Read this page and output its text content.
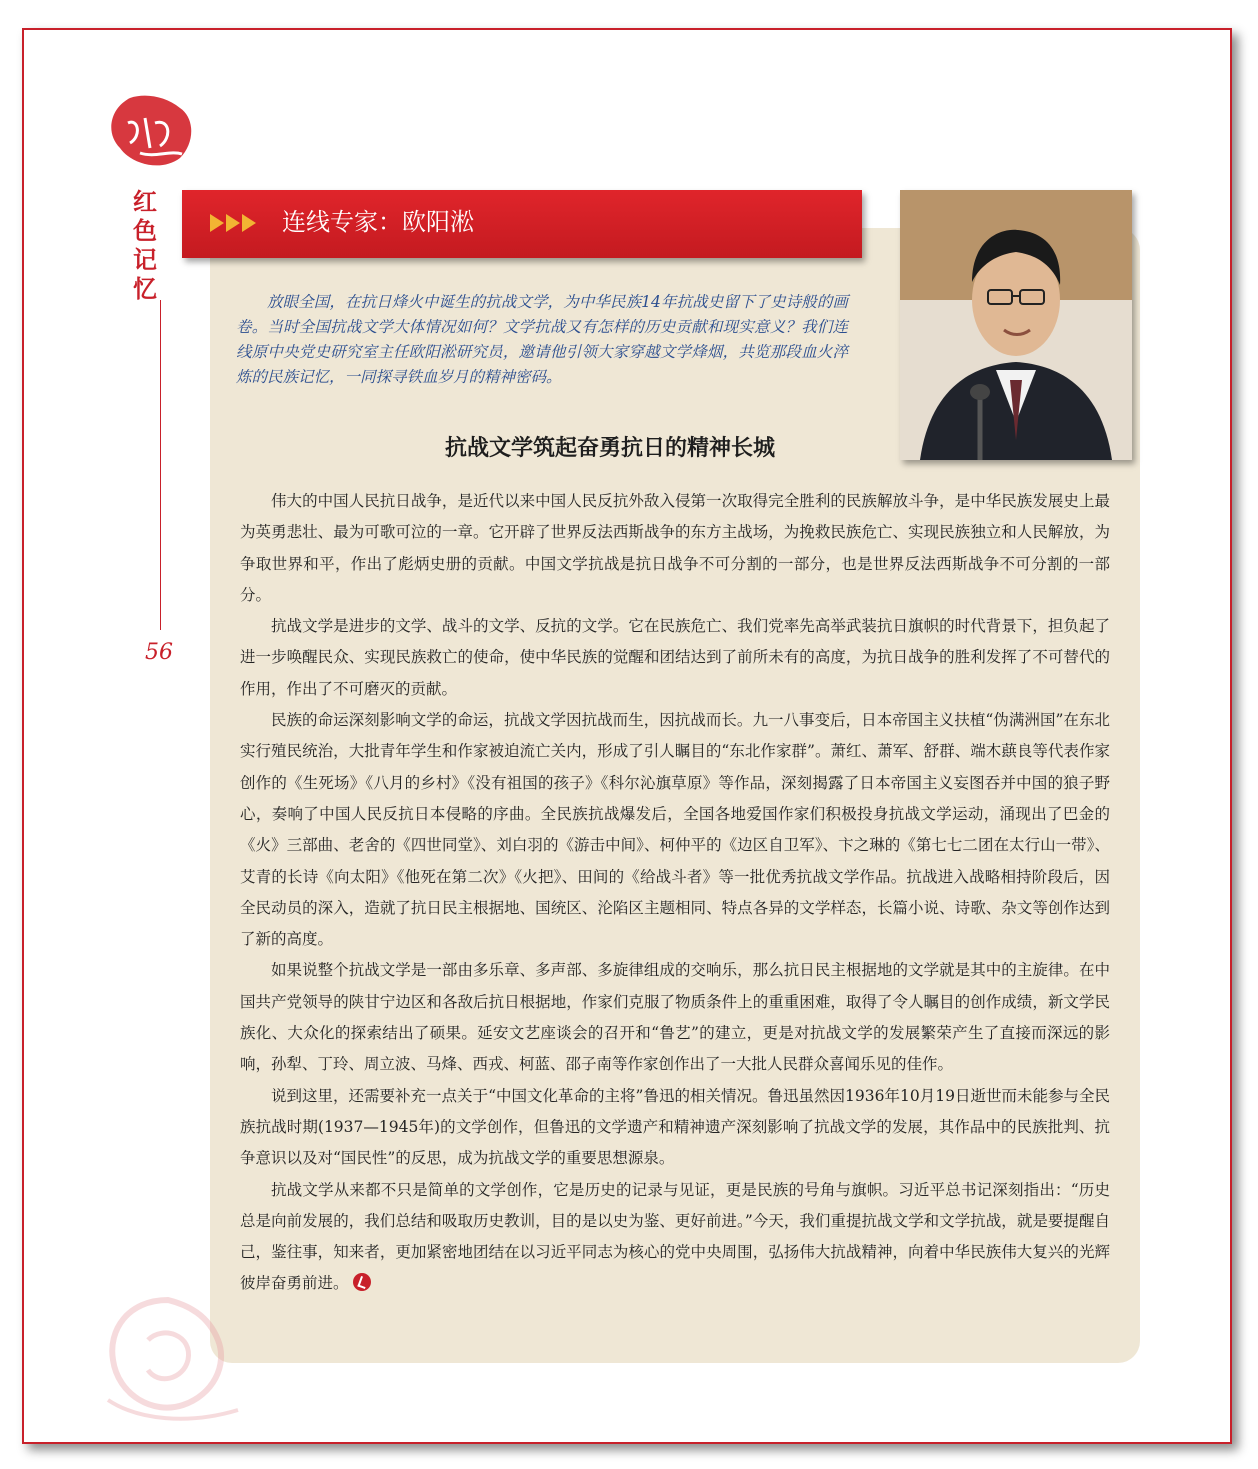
红色记忆
56
连线专家：欧阳淞

放眼全国，在抗日烽火中诞生的抗战文学，为中华民族14年抗战史留下了史诗般的画卷。当时全国抗战文学大体情况如何？文学抗战又有怎样的历史贡献和现实意义？我们连线原中央党史研究室主任欧阳淞研究员，邀请他引领大家穿越文学烽烟，共览那段血火淬炼的民族记忆，一同探寻铁血岁月的精神密码。

抗战文学筑起奋勇抗日的精神长城

伟大的中国人民抗日战争，是近代以来中国人民反抗外敌入侵第一次取得完全胜利的民族解放斗争，是中华民族发展史上最为英勇悲壮、最为可歌可泣的一章。它开辟了世界反法西斯战争的东方主战场，为挽救民族危亡、实现民族独立和人民解放，为争取世界和平，作出了彪炳史册的贡献。中国文学抗战是抗日战争不可分割的一部分，也是世界反法西斯战争不可分割的一部分。

抗战文学是进步的文学、战斗的文学、反抗的文学。它在民族危亡、我们党率先高举武装抗日旗帜的时代背景下，担负起了进一步唤醒民众、实现民族救亡的使命，使中华民族的觉醒和团结达到了前所未有的高度，为抗日战争的胜利发挥了不可替代的作用，作出了不可磨灭的贡献。

民族的命运深刻影响文学的命运，抗战文学因抗战而生，因抗战而长。九一八事变后，日本帝国主义扶植“伪满洲国”在东北实行殖民统治，大批青年学生和作家被迫流亡关内，形成了引人瞩目的“东北作家群”。萧红、萧军、舒群、端木蕻良等代表作家创作的《生死场》《八月的乡村》《没有祖国的孩子》《科尔沁旗草原》等作品，深刻揭露了日本帝国主义妄图吞并中国的狼子野心，奏响了中国人民反抗日本侵略的序曲。全民族抗战爆发后，全国各地爱国作家们积极投身抗战文学运动，涌现出了巴金的《火》三部曲、老舍的《四世同堂》、刘白羽的《游击中间》、柯仲平的《边区自卫军》、卞之琳的《第七七二团在太行山一带》、艾青的长诗《向太阳》《他死在第二次》《火把》、田间的《给战斗者》等一批优秀抗战文学作品。抗战进入战略相持阶段后，因全民动员的深入，造就了抗日民主根据地、国统区、沦陷区主题相同、特点各异的文学样态，长篇小说、诗歌、杂文等创作达到了新的高度。

如果说整个抗战文学是一部由多乐章、多声部、多旋律组成的交响乐，那么抗日民主根据地的文学就是其中的主旋律。在中国共产党领导的陕甘宁边区和各敌后抗日根据地，作家们克服了物质条件上的重重困难，取得了令人瞩目的创作成绩，新文学民族化、大众化的探索结出了硕果。延安文艺座谈会的召开和“鲁艺”的建立，更是对抗战文学的发展繁荣产生了直接而深远的影响，孙犁、丁玲、周立波、马烽、西戎、柯蓝、邵子南等作家创作出了一大批人民群众喜闻乐见的佳作。

说到这里，还需要补充一点关于“中国文化革命的主将”鲁迅的相关情况。鲁迅虽然因1936年10月19日逝世而未能参与全民族抗战时期(1937—1945年)的文学创作，但鲁迅的文学遗产和精神遗产深刻影响了抗战文学的发展，其作品中的民族批判、抗争意识以及对“国民性”的反思，成为抗战文学的重要思想源泉。

抗战文学从来都不只是简单的文学创作，它是历史的记录与见证，更是民族的号角与旗帜。习近平总书记深刻指出：“历史总是向前发展的，我们总结和吸取历史教训，目的是以史为鉴、更好前进。”今天，我们重提抗战文学和文学抗战，就是要提醒自己，鉴往事，知来者，更加紧密地团结在以习近平同志为核心的党中央周围，弘扬伟大抗战精神，向着中华民族伟大复兴的光辉彼岸奋勇前进。
